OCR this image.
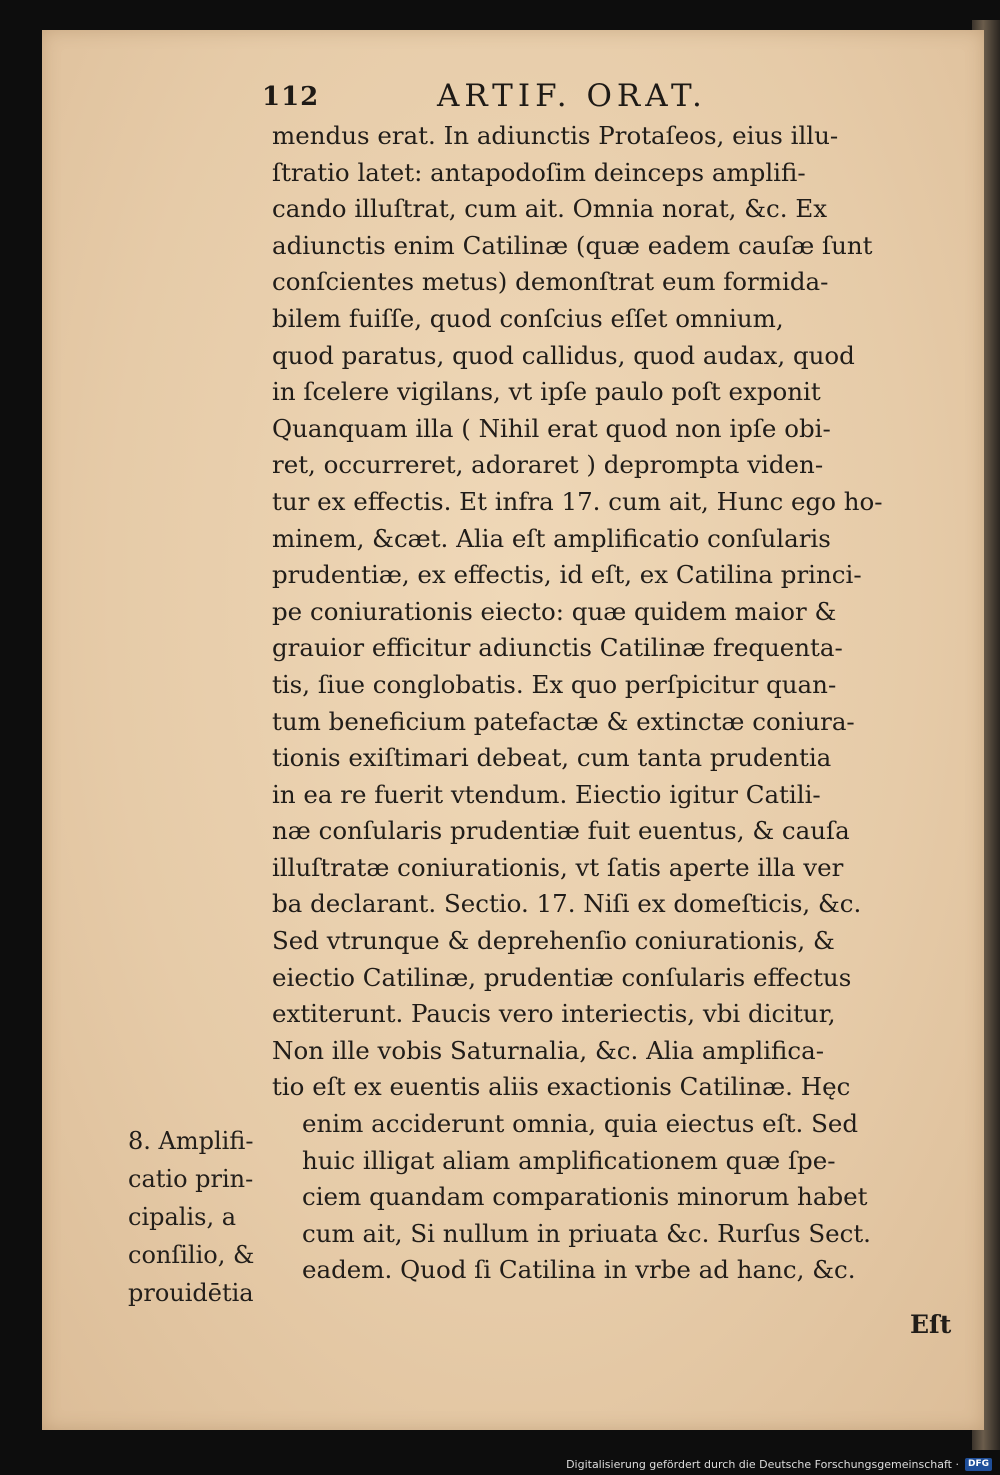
112	ARTIF. ORAT.
mendus erat. In adiunctis Protaſeos, eius illu-
ſtratio latet: antapodoſim deinceps amplifi-
cando illuſtrat, cum ait. Omnia norat, &c. Ex
adiunctis enim Catilinæ (quæ eadem cauſæ ſunt
conſcientes metus) demonſtrat eum formida-
bilem fuiſſe, quod conſcius eſſet omnium,
quod paratus, quod callidus, quod audax, quod
in ſcelere vigilans, vt ipſe paulo poſt exponit
Quanquam illa ( Nihil erat quod non ipſe obi-
ret, occurreret, adoraret ) deprompta viden-
tur ex effectis. Et infra 17. cum ait, Hunc ego ho-
minem, &cæt. Alia eſt amplificatio conſularis
prudentiæ, ex effectis, id eſt, ex Catilina princi-
pe coniurationis eiecto: quæ quidem maior &
grauior efficitur adiunctis Catilinæ frequenta-
tis, ſiue conglobatis. Ex quo perſpicitur quan-
tum beneficium patefactæ & extinctæ coniura-
tionis exiſtimari debeat, cum tanta prudentia
in ea re fuerit vtendum. Eiectio igitur Catili-
næ conſularis prudentiæ fuit euentus, & cauſa
illuſtratæ coniurationis, vt ſatis aperte illa ver
ba declarant. Sectio. 17. Niſi ex domeſticis, &c.
Sed vtrunque & deprehenſio coniurationis, &
eiectio Catilinæ, prudentiæ conſularis effectus
extiterunt. Paucis vero interiectis, vbi dicitur,
Non ille vobis Saturnalia, &c. Alia amplifica-
tio eſt ex euentis aliis exactionis Catilinæ. Hęc
enim acciderunt omnia, quia eiectus eſt. Sed
huic illigat aliam amplificationem quæ ſpe-
ciem quandam comparationis minorum habet
cum ait, Si nullum in priuata &c. Rurſus Sect.
eadem. Quod ſi Catilina in vrbe ad hanc, &c.
Eſt
8. Amplifi-
catio prin-
cipalis, a
conſilio, &
prouidētia
Digitalisierung gefördert durch die Deutsche Forschungsgemeinschaft ·	DFG
